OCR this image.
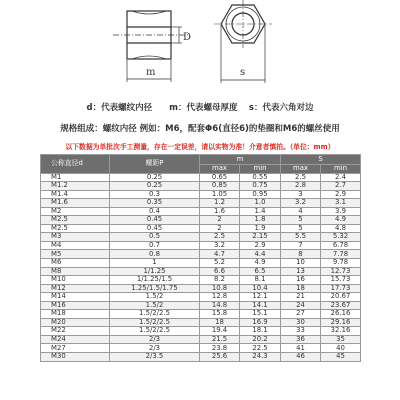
D
m	s
d：代表螺纹内径　　m：代表螺母厚度　 s：代表六角对边
规格组成：螺纹内径 例如：M6，配套Φ6(直径6)的垫圈和M6的螺丝使用
以下数据为单批次手工测量，存在一定误差，请以实物为准！介意者慎拍。（单位：mm）
公称直径d	螺距P	m		S	
		max	min	max	min
M1	0.25	0.65	0.55	2.5	2.4
M1.2	0.25	0.85	0.75	2.8	2.7
M1.4	0.3	1.05	0.95	3	2.9
M1.6	0.35	1.2	1.0	3.2	3.1
M2	0.4	1.6	1.4	4	3.9
M2.5	0.45	2	1.8	5	4.9
M2.5	0.45	2	1.9	5	4.8
M3	0.5	2.5	2.15	5.5	5.32
M4	0.7	3.2	2.9	7	6.78
M5	0.8	4.7	4.4	8	7.78
M6	1	5.2	4.9	10	9.78
M8	1/1.25	6.6	6.5	13	12.73
M10	1/1.25/1.5	8.2	8.1	16	15.73
M12	1.25/1.5/1.75	10.8	10.4	18	17.73
M14	1.5/2	12.8	12.1	21	20.67
M16	1.5/2	14.8	14.1	24	23.67
M18	1.5/2/2.5	15.8	15.1	27	26.16
M20	1.5/2/2.5	18	16.9	30	29.16
M22	1.5/2/2.5	19.4	18.1	33	32.16
M24	2/3	21.5	20.2	36	35
M27	2/3	23.8	22.5	41	40
M30	2/3.5	25.6	24.3	46	45
